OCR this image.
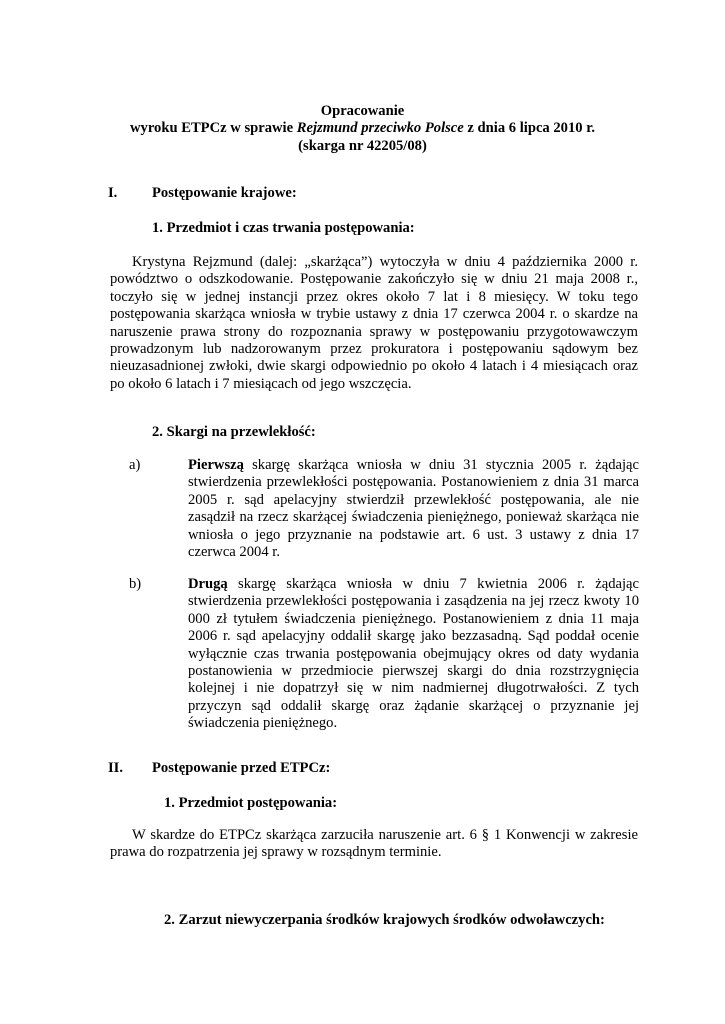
Opracowanie
wyroku ETPCz w sprawie Rejzmund przeciwko Polsce z dnia 6 lipca 2010 r.
(skarga nr 42205/08)
I. Postępowanie krajowe:
1. Przedmiot i czas trwania postępowania:
Krystyna Rejzmund (dalej: „skarżąca”) wytoczyła w dniu 4 października 2000 r. powództwo o odszkodowanie. Postępowanie zakończyło się w dniu 21 maja 2008 r., toczyło się w jednej instancji przez okres około 7 lat i 8 miesięcy. W toku tego postępowania skarżąca wniosła w trybie ustawy z dnia 17 czerwca 2004 r. o skardze na naruszenie prawa strony do rozpoznania sprawy w postępowaniu przygotowawczym prowadzonym lub nadzorowanym przez prokuratora i postępowaniu sądowym bez nieuzasadnionej zwłoki, dwie skargi odpowiednio po około 4 latach i 4 miesiącach oraz po około 6 latach i 7 miesiącach od jego wszczęcia.
2. Skargi na przewlekłość:
a)	Pierwszą skargę skarżąca wniosła w dniu 31 stycznia 2005 r. żądając stwierdzenia przewlekłości postępowania. Postanowieniem z dnia 31 marca 2005 r. sąd apelacyjny stwierdził przewlekłość postępowania, ale nie zasądził na rzecz skarżącej świadczenia pieniężnego, ponieważ skarżąca nie wniosła o jego przyznanie na podstawie art. 6 ust. 3 ustawy z dnia 17 czerwca 2004 r.
b)	Drugą skargę skarżąca wniosła w dniu 7 kwietnia 2006 r. żądając stwierdzenia przewlekłości postępowania i zasądzenia na jej rzecz kwoty 10 000 zł tytułem świadczenia pieniężnego. Postanowieniem z dnia 11 maja 2006 r. sąd apelacyjny oddalił skargę jako bezzasadną. Sąd poddał ocenie wyłącznie czas trwania postępowania obejmujący okres od daty wydania postanowienia w przedmiocie pierwszej skargi do dnia rozstrzygnięcia kolejnej i nie dopatrzył się w nim nadmiernej długotrwałości. Z tych przyczyn sąd oddalił skargę oraz żądanie skarżącej o przyznanie jej świadczenia pieniężnego.
II. Postępowanie przed ETPCz:
1. Przedmiot postępowania:
W skardze do ETPCz skarżąca zarzuciła naruszenie art. 6 § 1 Konwencji w zakresie prawa do rozpatrzenia jej sprawy w rozsądnym terminie.
2. Zarzut niewyczerpania środków krajowych środków odwoławczych:
